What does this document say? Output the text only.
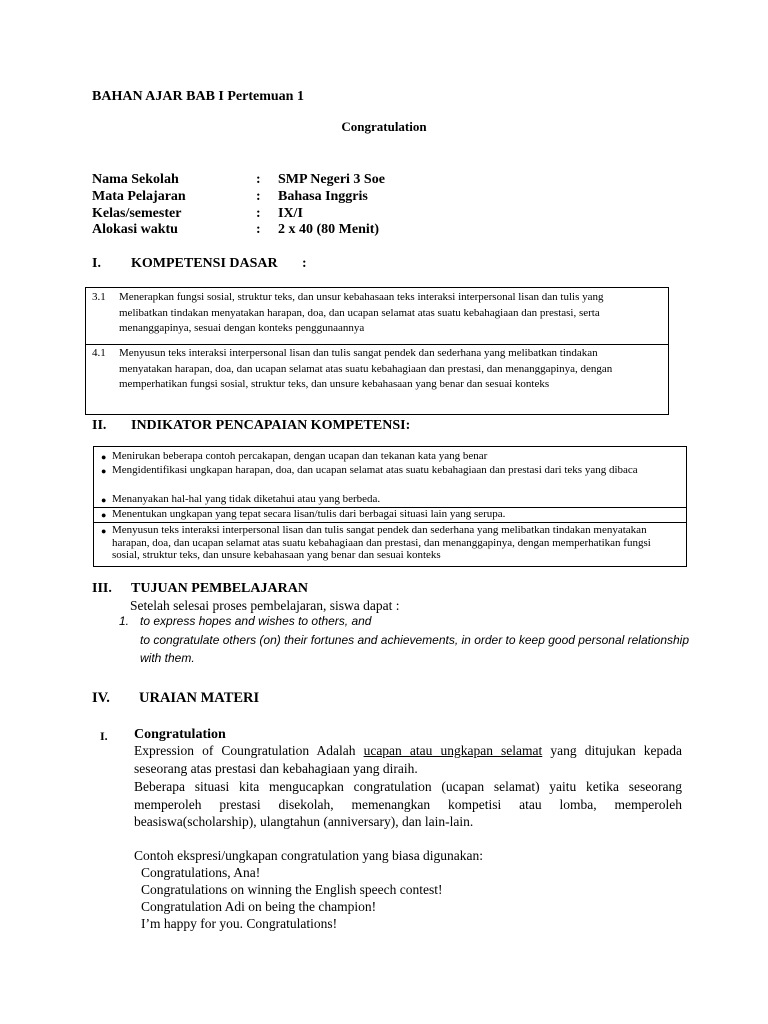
BAHAN AJAR BAB I Pertemuan 1
Congratulation
Nama Sekolah	: SMP Negeri 3 Soe
Mata Pelajaran	: Bahasa Inggris
Kelas/semester	: IX/I
Alokasi waktu	: 2 x 40 (80 Menit)
I. KOMPETENSI DASAR :
3.1 Menerapkan fungsi sosial, struktur teks, dan unsur kebahasaan teks interaksi interpersonal lisan dan tulis yang melibatkan tindakan menyatakan harapan, doa, dan ucapan selamat atas suatu kebahagiaan dan prestasi, serta menanggapinya, sesuai dengan konteks penggunaannya
4.1 Menyusun teks interaksi interpersonal lisan dan tulis sangat pendek dan sederhana yang melibatkan tindakan menyatakan harapan, doa, dan ucapan selamat atas suatu kebahagiaan dan prestasi, dan menanggapinya, dengan memperhatikan fungsi sosial, struktur teks, dan unsure kebahasaan yang benar dan sesuai konteks
II. INDIKATOR PENCAPAIAN KOMPETENSI:
● Menirukan beberapa contoh percakapan, dengan ucapan dan tekanan kata yang benar
● Mengidentifikasi ungkapan harapan, doa, dan ucapan selamat atas suatu kebahagiaan dan prestasi dari teks yang dibaca
● Menanyakan hal-hal yang tidak diketahui atau yang berbeda.
● Menentukan ungkapan yang tepat secara lisan/tulis dari berbagai situasi lain yang serupa.
● Menyusun teks interaksi interpersonal lisan dan tulis sangat pendek dan sederhana yang melibatkan tindakan menyatakan harapan, doa, dan ucapan selamat atas suatu kebahagiaan dan prestasi, dan menanggapinya, dengan memperhatikan fungsi sosial, struktur teks, dan unsure kebahasaan yang benar dan sesuai konteks
III. TUJUAN PEMBELAJARAN
Setelah selesai proses pembelajaran, siswa dapat :
1. to express hopes and wishes to others, and
to congratulate others (on) their fortunes and achievements, in order to keep good personal relationship with them.
IV. URAIAN MATERI
I. Congratulation
Expression of Coungratulation Adalah ucapan atau ungkapan selamat yang ditujukan kepada seseorang atas prestasi dan kebahagiaan yang diraih.
Beberapa situasi kita mengucapkan congratulation (ucapan selamat) yaitu ketika seseorang memperoleh prestasi disekolah, memenangkan kompetisi atau lomba, memperoleh beasiswa(scholarship), ulangtahun (anniversary), dan lain-lain.
Contoh ekspresi/ungkapan congratulation yang biasa digunakan:
Congratulations, Ana!
Congratulations on winning the English speech contest!
Congratulation Adi on being the champion!
I’m happy for you. Congratulations!
